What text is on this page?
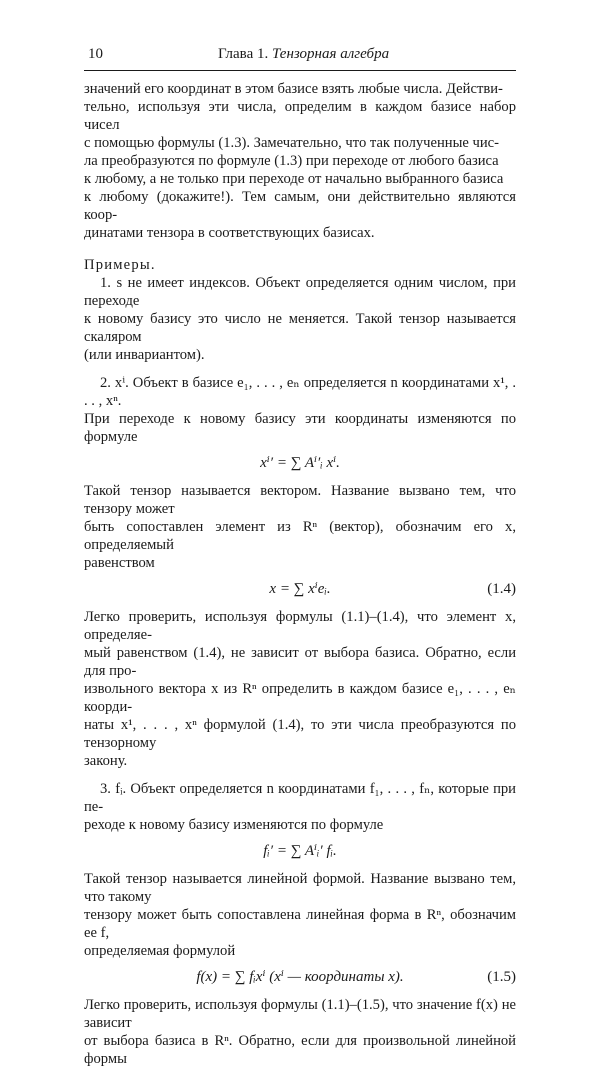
10	Глава 1. Тензорная алгебра

значений его координат в этом базисе взять любые числа. Действи-

тельно, используя эти числа, определим в каждом базисе набор чисел

с помощью формулы (1.3). Замечательно, что так полученные чис-

ла преобразуются по формуле (1.3) при переходе от любого базиса

к любому, а не только при переходе от начально выбранного базиса

к любому (докажите!). Тем самым, они действительно являются коор-

динатами тензора в соответствующих базисах.

Примеры.

1. s не имеет индексов. Объект определяется одним числом, при переходе

к новому базису это число не меняется. Такой тензор называется скаляром

(или инвариантом).

2. xⁱ. Объект в базисе e₁, . . . , eₙ определяется n координатами x¹, . . . , xⁿ.

При переходе к новому базису эти координаты изменяются по формуле

xⁱ′ = ∑ Aⁱ′ᵢ xⁱ.

Такой тензор называется вектором. Название вызвано тем, что тензору может

быть сопоставлен элемент из Rⁿ (вектор), обозначим его x, определяемый

равенством

x = ∑ xⁱeᵢ.	(1.4)

Легко проверить, используя формулы (1.1)–(1.4), что элемент x, определяе-

мый равенством (1.4), не зависит от выбора базиса. Обратно, если для про-

извольного вектора x из Rⁿ определить в каждом базисе e₁, . . . , eₙ коорди-

наты x¹, . . . , xⁿ формулой (1.4), то эти числа преобразуются по тензорному

закону.

3. fᵢ. Объект определяется n координатами f₁, . . . , fₙ, которые при пе-

реходе к новому базису изменяются по формуле

fᵢ′ = ∑ Aⁱᵢ′ fᵢ.

Такой тензор называется линейной формой. Название вызвано тем, что такому

тензору может быть сопоставлена линейная форма в Rⁿ, обозначим ее f,

определяемая формулой

f(x) = ∑ fᵢxⁱ (xⁱ — координаты x).	(1.5)

Легко проверить, используя формулы (1.1)–(1.5), что значение f(x) не зависит

от выбора базиса в Rⁿ. Обратно, если для произвольной линейной формы
